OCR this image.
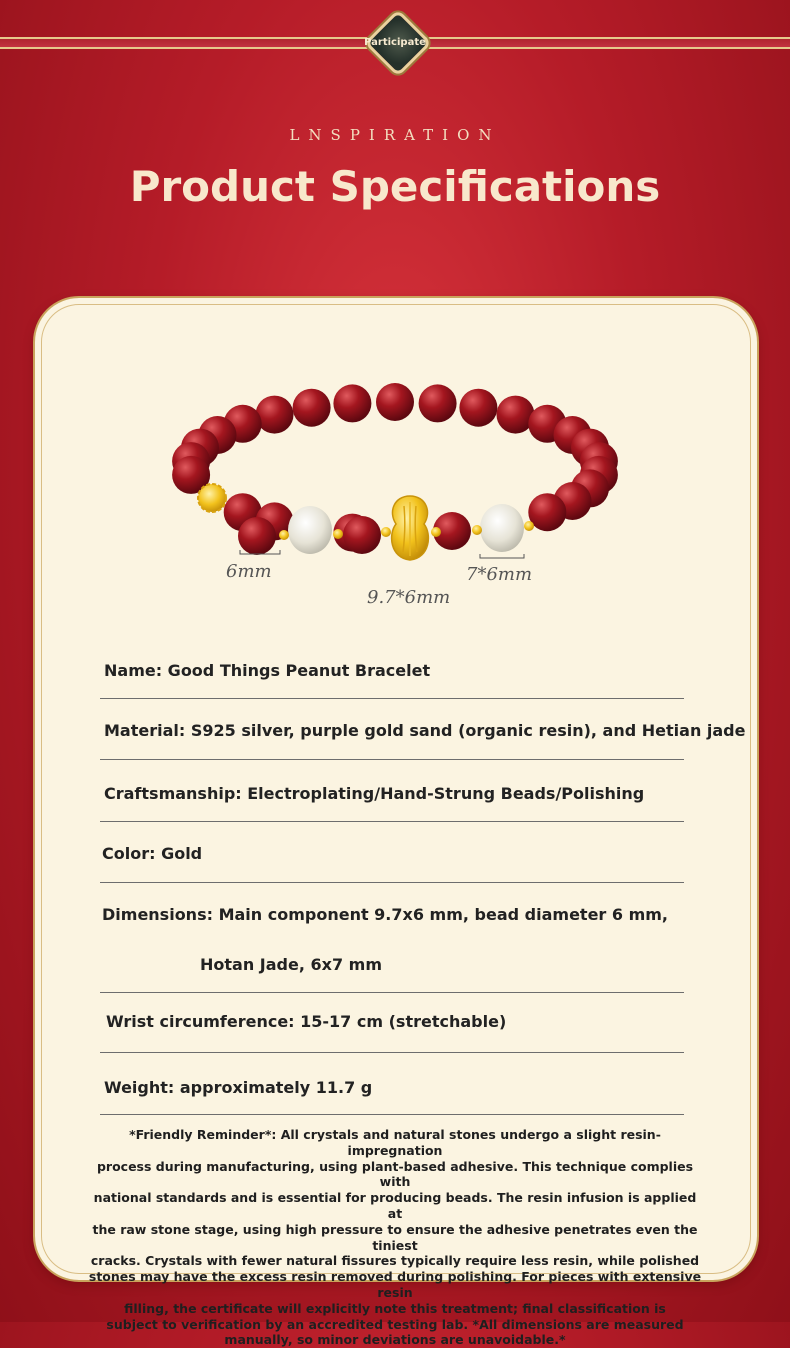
Participate
LNSPIRATION
Product Specifications
6mm	7*6mm
9.7*6mm
Name: Good Things Peanut Bracelet
Material: S925 silver, purple gold sand (organic resin), and Hetian jade
Craftsmanship: Electroplating/Hand-Strung Beads/Polishing
Color: Gold
Dimensions: Main component 9.7x6 mm, bead diameter 6 mm,
Hotan Jade, 6x7 mm
Wrist circumference: 15-17 cm (stretchable)
Weight: approximately 11.7 g
*Friendly Reminder*: All crystals and natural stones undergo a slight resin-impregnation
process during manufacturing, using plant-based adhesive. This technique complies with
national standards and is essential for producing beads. The resin infusion is applied at
the raw stone stage, using high pressure to ensure the adhesive penetrates even the tiniest
cracks. Crystals with fewer natural fissures typically require less resin, while polished
stones may have the excess resin removed during polishing. For pieces with extensive resin
filling, the certificate will explicitly note this treatment; final classification is
subject to verification by an accredited testing lab. *All dimensions are measured
manually, so minor deviations are unavoidable.*
